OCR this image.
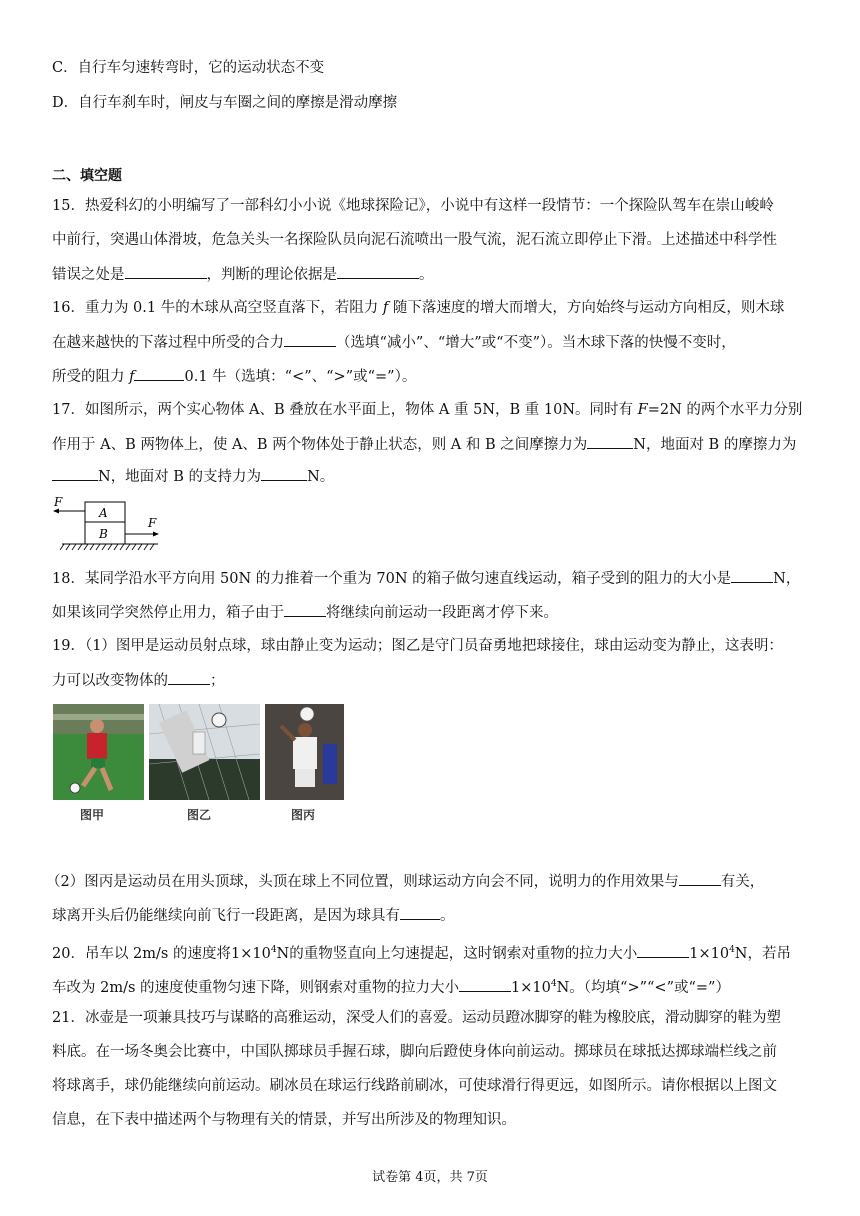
C．自行车匀速转弯时，它的运动状态不变
D．自行车刹车时，闸皮与车圈之间的摩擦是滑动摩擦
二、填空题
15．热爱科幻的小明编写了一部科幻小小说《地球探险记》，小说中有这样一段情节：一个探险队驾车在崇山峻岭
中前行，突遇山体滑坡，危急关头一名探险队员向泥石流喷出一股气流，泥石流立即停止下滑。上述描述中科学性
错误之处是	，判断的理论依据是	。
16．重力为 0.1 牛的木球从高空竖直落下，若阻力 f 随下落速度的增大而增大，方向始终与运动方向相反，则木球
在越来越快的下落过程中所受的合力	（选填“减小”、“增大”或“不变”）。当木球下落的快慢不变时，
所受的阻力 f	0.1 牛（选填：“<”、“>”或“=”）。
17．如图所示，两个实心物体 A、B 叠放在水平面上，物体 A 重 5N，B 重 10N。同时有 F=2N 的两个水平力分别
作用于 A、B 两物体上，使 A、B 两个物体处于静止状态，则 A 和 B 之间摩擦力为	N，地面对 B 的摩擦力为
N，地面对 B 的支持力为	N。
F
A
B
F
18．某同学沿水平方向用 50N 的力推着一个重为 70N 的箱子做匀速直线运动，箱子受到的阻力的大小是	N，
如果该同学突然停止用力，箱子由于	将继续向前运动一段距离才停下来。
19．（1）图甲是运动员射点球，球由静止变为运动；图乙是守门员奋勇地把球接住，球由运动变为静止，这表明：
力可以改变物体的	；
图甲	图乙	图丙
（2）图丙是运动员在用头顶球，头顶在球上不同位置，则球运动方向会不同，说明力的作用效果与	有关，
球离开头后仍能继续向前飞行一段距离，是因为球具有	。
20．吊车以 2m/s 的速度将$1\times 10^4N$的重物竖直向上匀速提起，这时钢索对重物的拉力大小	$1\times 10^4N$，若吊
车改为 2m/s 的速度使重物匀速下降，则钢索对重物的拉力大小	$1\times 10^4N$。（均填“>”“<”或“=”）
21．冰壶是一项兼具技巧与谋略的高雅运动，深受人们的喜爱。运动员蹬冰脚穿的鞋为橡胶底，滑动脚穿的鞋为塑
料底。在一场冬奥会比赛中，中国队掷球员手握石球，脚向后蹬使身体向前运动。掷球员在球抵达掷球端栏线之前
将球离手，球仍能继续向前运动。刷冰员在球运行线路前刷冰，可使球滑行得更远，如图所示。请你根据以上图文
信息，在下表中描述两个与物理有关的情景，并写出所涉及的物理知识。
试卷第 4页，共 7页
